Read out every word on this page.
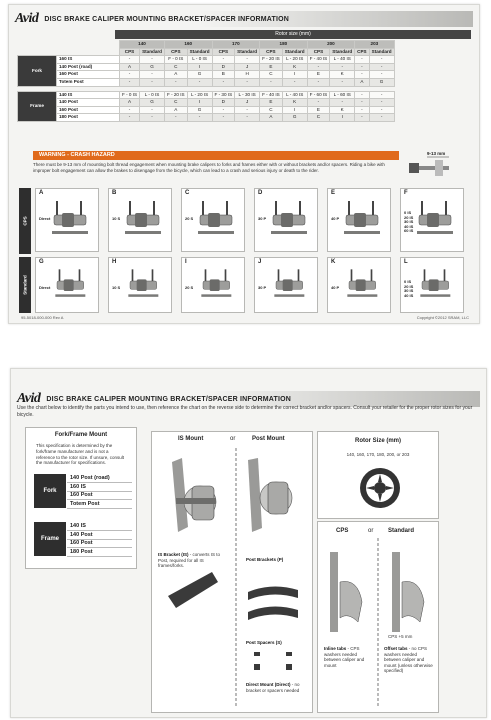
Avid DISC BRAKE CALIPER MOUNTING BRACKET/SPACER INFORMATION
Rotor size (mm)
		140		160		170		180		200		203	
		CPS	Standard	CPS	Standard	CPS	Standard	CPS	Standard	CPS	Standard	CPS	Standard
Fork	160 IS	-	-	F - 0 IS	L - 0 IS	-	-	F - 20 IS	L - 20 IS	F - 40 IS	L - 40 IS	-	-
	140 Post (road)	A	G	C	I	D	J	E	K	-	-	-	-
	160 Post	-	-	A	G	B	H	C	I	E	K	-	-
	Totem Post	-	-	-	-	-	-	-	-	-	-	A	G

Frame	140 IS	F - 0 IS	L - 0 IS	F - 20 IS	L - 20 IS	F - 30 IS	L - 30 IS	F - 40 IS	L - 40 IS	F - 60 IS	L - 60 IS	-	-
	140 Post	A	G	C	I	D	J	E	K	-	-	-	-
	160 Post	-	-	A	G	-	-	C	I	E	K	-	-
	180 Post	-	-	-	-	-	-	A	G	C	I	-	-
WARNING - CRASH HAZARD
There must be 9-13 mm of mounting bolt thread engagement when mounting brake calipers to forks and frames either with or without brackets and/or spacers. Riding a bike with improper bolt engagement can allow the brakes to disengage from the bicycle, which can lead to a crash and serious injury or death to the rider.
9-13 mm
CPS
Standard
A
Direct
B
10 S
C
20 S
D
30 P
E
40 P
F
0 IS
20 IS
30 IS
40 IS
60 IS
G
Direct
H
10 S
I
20 S
J
30 P
K
40 P
L
0 IS
20 IS
30 IS
40 IS
95-5018-000-000 Rev A	Copyright ©2012 SRAM, LLC
Avid DISC BRAKE CALIPER MOUNTING BRACKET/SPACER INFORMATION
Use the chart below to identify the parts you intend to use, then reference the chart on the reverse side to determine the correct bracket and/or spacers. Consult your retailer for the proper rotor sizes for your bicycle.
Fork/Frame Mount
This specification is determined by the fork/frame manufacturer and is not a reference to the rotor size. If unsure, consult the manufacturer for specifications.
Fork
140 Post (road)
160 IS
160 Post
Totem Post
Frame
140 IS
140 Post
160 Post
180 Post
IS Mount	or	Post Mount
IS Bracket (IS) - converts IS to Post, required for all IS frames/forks.
Post Brackets (P)
Post Spacers (S)
Direct Mount (Direct) - no bracket or spacers needed
Rotor Size (mm)
140, 160, 170, 180, 200, or 203
CPS	or Standard
CPS +5 mm
Inline tabs - CPS washers needed between caliper and mount
Offset tabs - no CPS washers needed between caliper and mount (unless otherwise specified)
